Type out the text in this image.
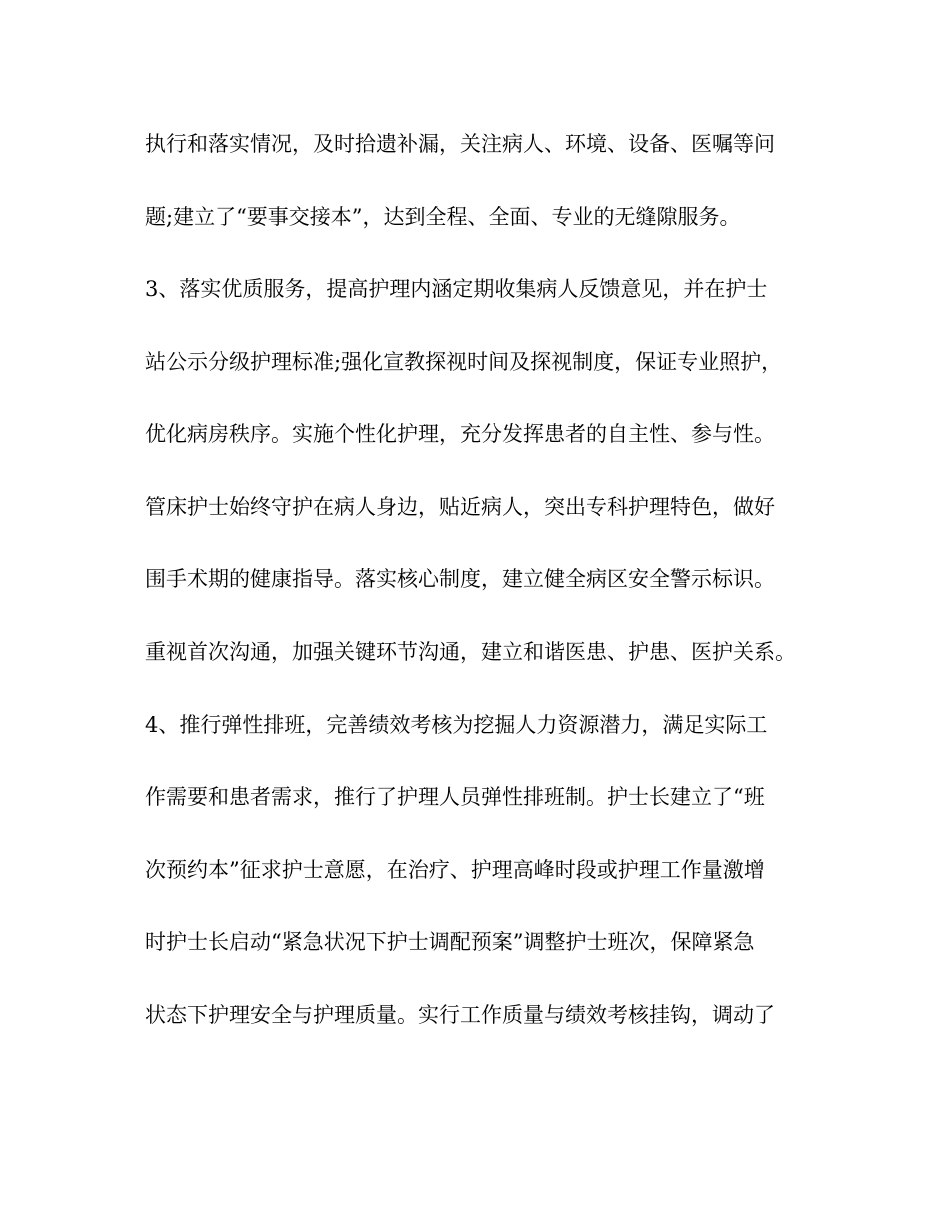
执行和落实情况，及时拾遗补漏，关注病人、环境、设备、医嘱等问
题;建立了“要事交接本”，达到全程、全面、专业的无缝隙服务。
3、落实优质服务，提高护理内涵定期收集病人反馈意见，并在护士
站公示分级护理标准;强化宣教探视时间及探视制度，保证专业照护，
优化病房秩序。实施个性化护理，充分发挥患者的自主性、参与性。
管床护士始终守护在病人身边，贴近病人，突出专科护理特色，做好
围手术期的健康指导。落实核心制度，建立健全病区安全警示标识。
重视首次沟通，加强关键环节沟通，建立和谐医患、护患、医护关系。
4、推行弹性排班，完善绩效考核为挖掘人力资源潜力，满足实际工
作需要和患者需求，推行了护理人员弹性排班制。护士长建立了“班
次预约本”征求护士意愿，在治疗、护理高峰时段或护理工作量激增
时护士长启动“紧急状况下护士调配预案”调整护士班次，保障紧急
状态下护理安全与护理质量。实行工作质量与绩效考核挂钩，调动了
